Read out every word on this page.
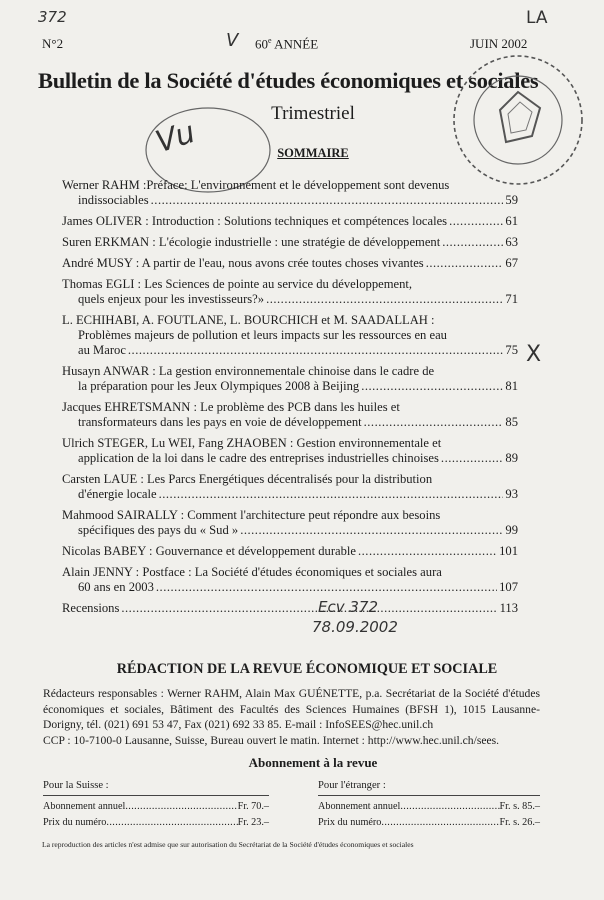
372
V
LA
Vu
X
N°2	60e ANNÉE	JUIN 2002
Bulletin de la Société d'études économiques et sociales
Trimestriel
SOMMAIRE
Werner RAHM :Préface: L'environnement et le développement sont devenus
indissociables .....	59
James OLIVER : Introduction : Solutions techniques et compétences locales .....	61
Suren ERKMAN : L'écologie industrielle : une stratégie de développement .....	63
André MUSY : A partir de l'eau, nous avons crée toutes choses vivantes .....	67
Thomas EGLI : Les Sciences de pointe au service du développement,
quels enjeux pour les investisseurs?» .....	71
L. ECHIHABI, A. FOUTLANE, L. BOURCHICH et M. SAADALLAH :
Problèmes majeurs de pollution et leurs impacts sur les ressources en eau
au Maroc .....	75
Husayn ANWAR : La gestion environnementale chinoise dans le cadre de
la préparation pour les Jeux Olympiques 2008 à Beijing .....	81
Jacques EHRETSMANN : Le problème des PCB dans les huiles et
transformateurs dans les pays en voie de développement .....	85
Ulrich STEGER, Lu WEI, Fang ZHAOBEN : Gestion environnementale et
application de la loi dans le cadre des entreprises industrielles chinoises .....	89
Carsten LAUE : Les Parcs Energétiques décentralisés pour la distribution
d'énergie locale .....	93
Mahmood SAIRALLY : Comment l'architecture peut répondre aux besoins
spécifiques des pays du « Sud » .....	99
Nicolas BABEY : Gouvernance et développement durable .....	101
Alain JENNY : Postface : La Société d'études économiques et sociales aura
60 ans en 2003 .....	107
Recensions .....	113
Ecv 372
78.09.2002
RÉDACTION DE LA REVUE ÉCONOMIQUE ET SOCIALE

Rédacteurs responsables : Werner RAHM, Alain Max GUÉNETTE, p.a. Secrétariat de la Société d'études économiques et sociales, Bâtiment des Facultés des Sciences Humaines (BFSH 1), 1015 Lausanne-Dorigny, tél. (021) 691 53 47, Fax (021) 692 33 85. E-mail : InfoSEES@hec.unil.ch

CCP : 10-7100-0 Lausanne, Suisse, Bureau ouvert le matin. Internet : http://www.hec.unil.ch/sees.

Abonnement à la revue
Pour la Suisse :
Abonnement annuel .....	Fr. 70.–
Prix du numéro .....	Fr. 23.–
Pour l'étranger :
Abonnement annuel .....	Fr. s. 85.–
Prix du numéro .....	Fr. s. 26.–
La reproduction des articles n'est admise que sur autorisation du Secrétariat de la Société d'études économiques et sociales
